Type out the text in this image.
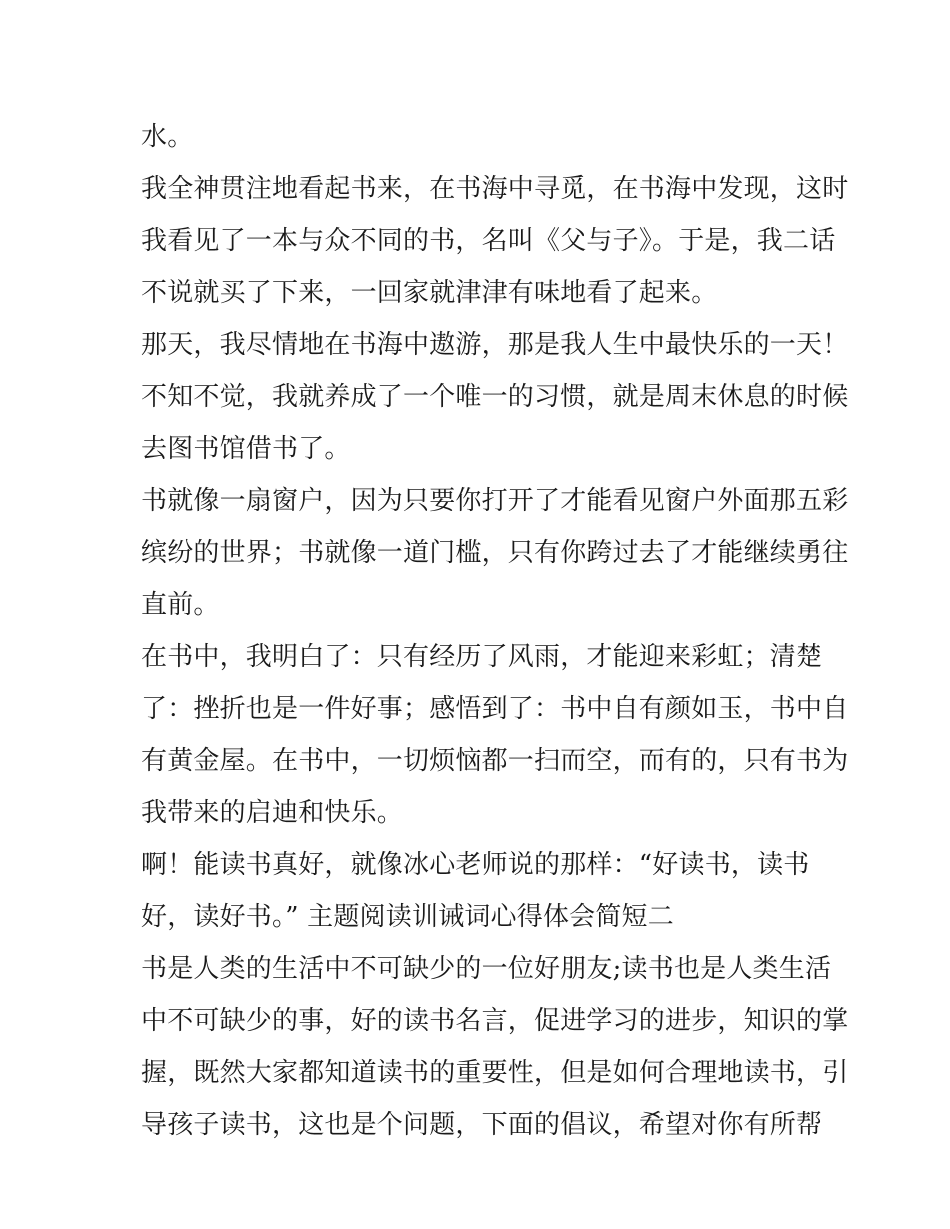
水。
我全神贯注地看起书来，在书海中寻觅，在书海中发现，这时
我看见了一本与众不同的书，名叫《父与子》。于是，我二话
不说就买了下来，一回家就津津有味地看了起来。
那天，我尽情地在书海中遨游，那是我人生中最快乐的一天！
不知不觉，我就养成了一个唯一的习惯，就是周末休息的时候
去图书馆借书了。
书就像一扇窗户，因为只要你打开了才能看见窗户外面那五彩
缤纷的世界；书就像一道门槛，只有你跨过去了才能继续勇往
直前。
在书中，我明白了：只有经历了风雨，才能迎来彩虹；清楚
了：挫折也是一件好事；感悟到了：书中自有颜如玉，书中自
有黄金屋。在书中，一切烦恼都一扫而空，而有的，只有书为
我带来的启迪和快乐。
啊！能读书真好，就像冰心老师说的那样：“好读书，读书
好，读好书。” 主题阅读训诫词心得体会简短二
书是人类的生活中不可缺少的一位好朋友;读书也是人类生活
中不可缺少的事，好的读书名言，促进学习的进步，知识的掌
握，既然大家都知道读书的重要性，但是如何合理地读书，引
导孩子读书，这也是个问题，下面的倡议，希望对你有所帮
